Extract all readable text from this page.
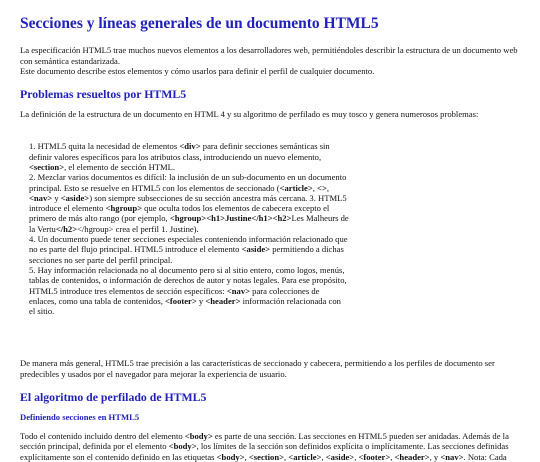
Secciones y líneas generales de un documento HTML5

La especificación HTML5 trae muchos nuevos elementos a los desarrolladores web, permitiéndoles describir la estructura de un documento web con semántica estandarizada.
Este documento describe estos elementos y cómo usarlos para definir el perfil de cualquier documento.

Problemas resueltos por HTML5

La definición de la estructura de un documento en HTML 4 y su algoritmo de perfilado es muy tosco y genera numerosos problemas:

1. HTML5 quita la necesidad de elementos <div> para definir secciones semánticas sin definir valores específicos para los atributos class, introduciendo un nuevo elemento, <section>, el elemento de sección HTML.
2. Mezclar varios documentos es difícil: la inclusión de un sub-documento en un documento principal. Esto se resuelve en HTML5 con los elementos de seccionado (<article>, <>, <nav> y <aside>) son siempre subsecciones de su sección ancestra más cercana. 3. HTML5 introduce el elemento <hgroup> que oculta todos los elementos de cabecera excepto el primero de más alto rango (por ejemplo, <hgroup><h1>Justine</h1><h2>Les Malheurs de la Vertu</h2></hgroup> crea el perfil 1. Justine).
4. Un documento puede tener secciones especiales conteniendo información relacionado que no es parte del flujo principal. HTML5 introduce el elemento <aside> permitiendo a dichas secciones no ser parte del perfil principal.
5. Hay información relacionada no al documento pero si al sitio entero, como logos, menús, tablas de contenidos, o información de derechos de autor y notas legales. Para ese propósito, HTML5 introduce tres elementos de sección específicos: <nav> para colecciones de enlaces, como una tabla de contenidos, <footer> y <header> información relacionada con el sitio.

De manera más general, HTML5 trae precisión a las características de seccionado y cabecera, permitiendo a los perfiles de documento ser predecibles y usados por el navegador para mejorar la experiencia de usuario.

El algoritmo de perfilado de HTML5
Definiendo secciones en HTML5

Todo el contenido incluido dentro del elemento <body> es parte de una sección. Las secciones en HTML5 pueden ser anidadas. Además de la sección principal, definida por el elemento <body>, los límites de la sección son definidos explícita o implícitamente. Las secciones definidas explícitamente son el contenido definido en las etiquetas <body>, <section>, <article>, <aside>, <footer>, <header>, y <nav>. Nota: Cada
